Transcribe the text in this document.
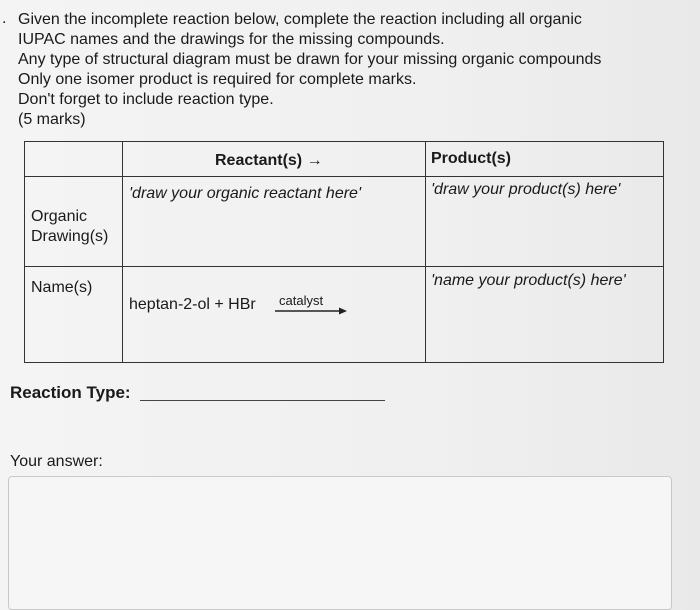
. Given the incomplete reaction below, complete the reaction including all organic
IUPAC names and the drawings for the missing compounds.
Any type of structural diagram must be drawn for your missing organic compounds
Only one isomer product is required for complete marks.
Don't forget to include reaction type.
(5 marks)
Reactant(s) →	Product(s)
Organic
Drawing(s)
'draw your organic reactant here'	'draw your product(s) here'
Name(s)
heptan-2-ol + HBr
'name your product(s) here'
catalyst
Reaction Type:
Your answer:
